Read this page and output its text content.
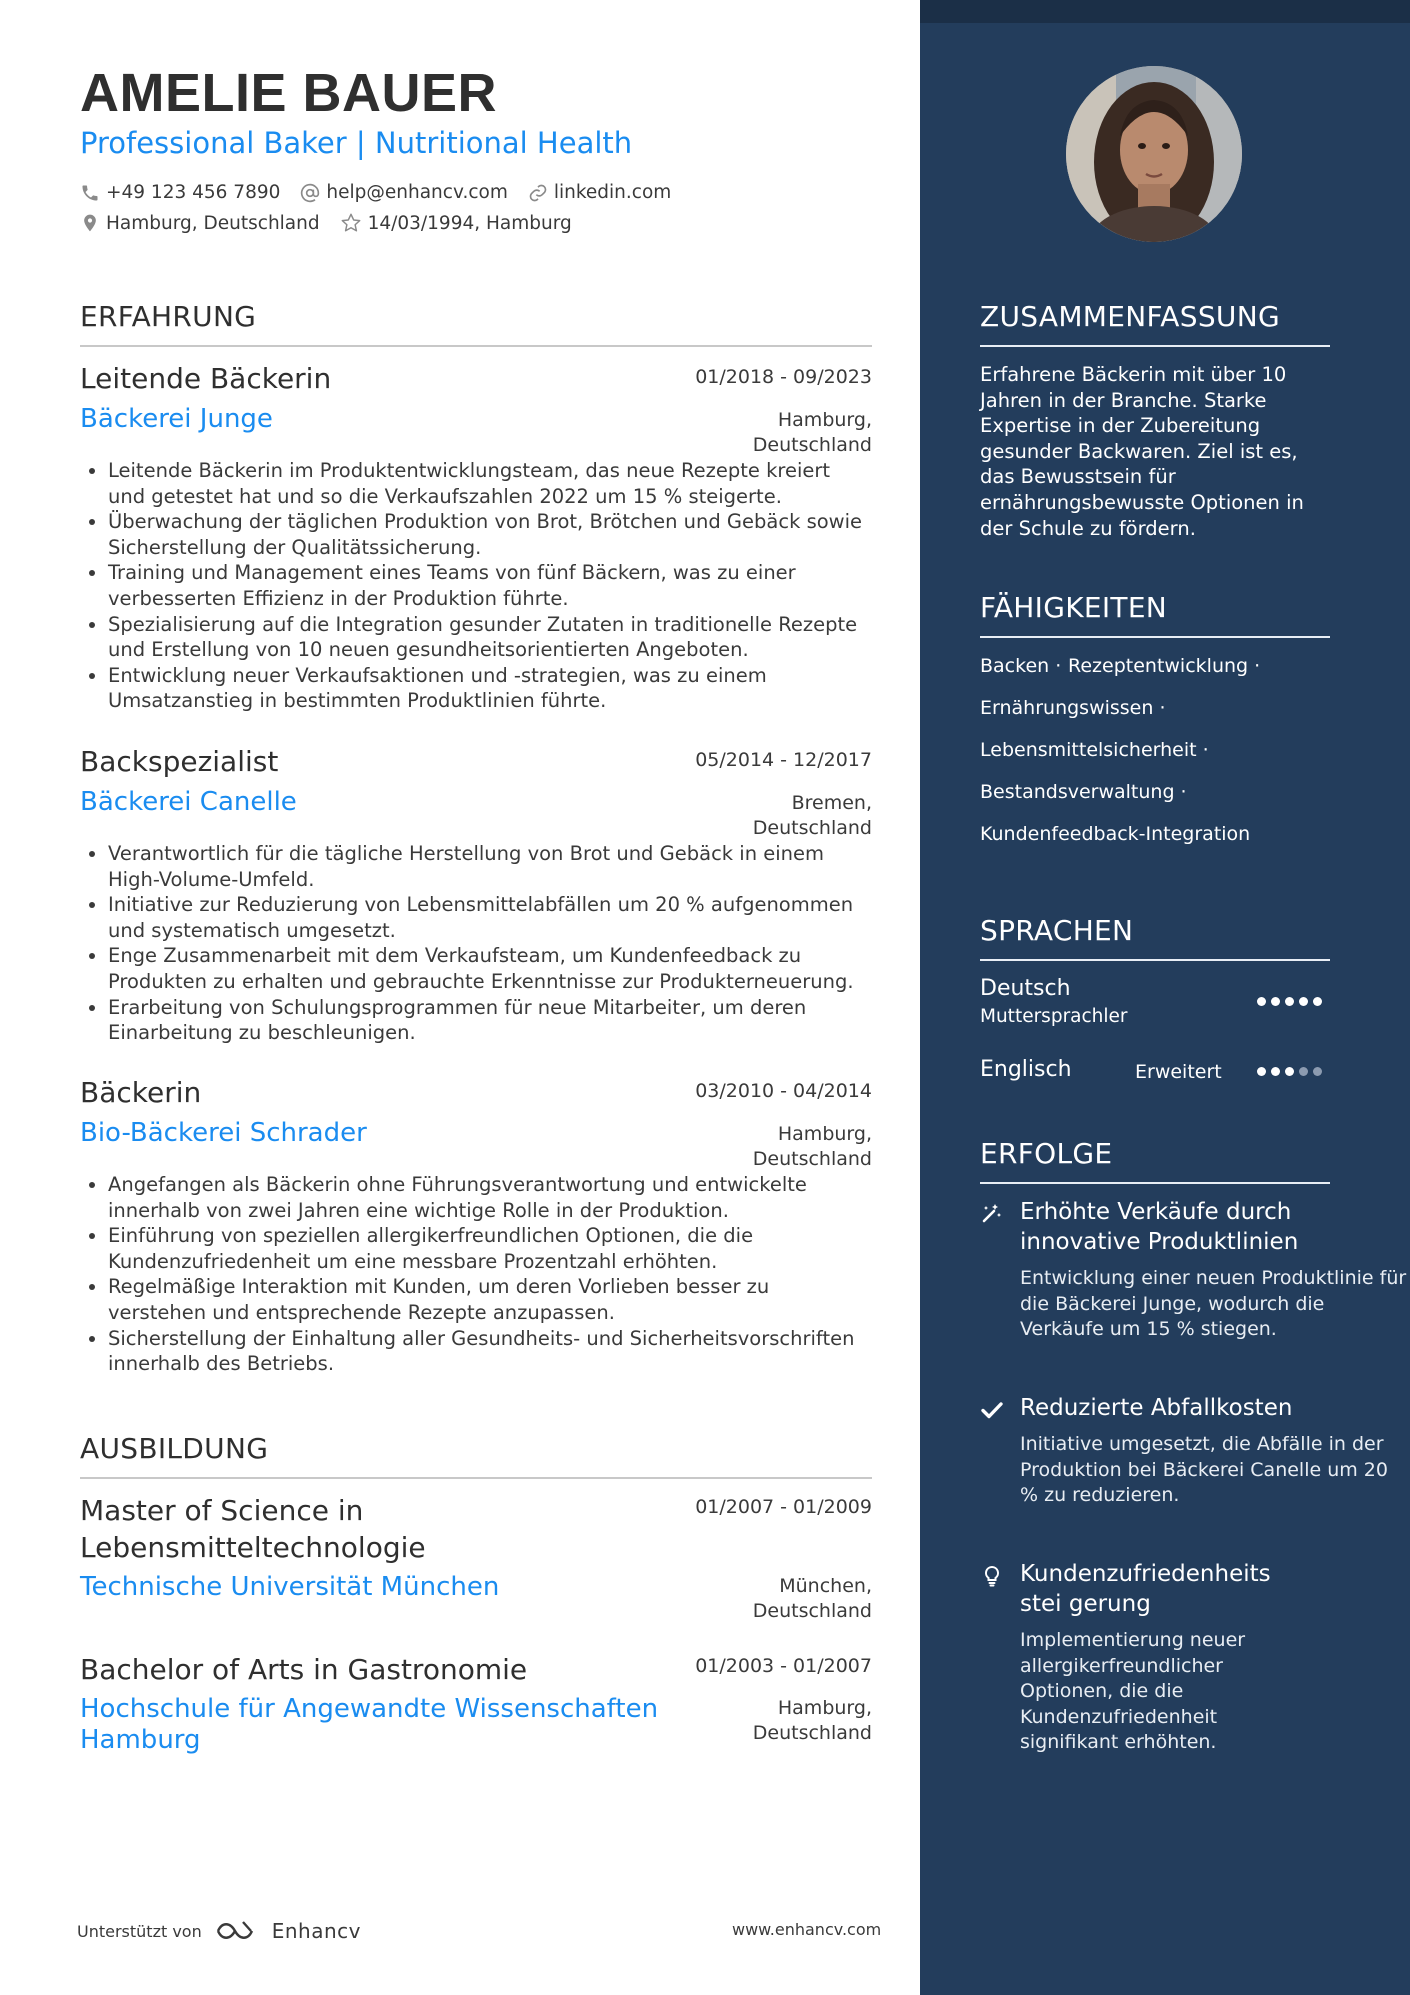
AMELIE BAUER
Professional Baker | Nutritional Health
+49 123 456 7890 help@enhancv.com linkedin.com
Hamburg, Deutschland	14/03/1994, Hamburg
ERFAHRUNG
Leitende Bäckerin	01/2018 - 09/2023
Bäckerei Junge	Hamburg,
Deutschland
• Leitende Bäckerin im Produktentwicklungsteam, das neue Rezepte kreiert und getestet hat und so die Verkaufszahlen 2022 um 15 % steigerte.
• Überwachung der täglichen Produktion von Brot, Brötchen und Gebäck sowie Sicherstellung der Qualitätssicherung.
• Training und Management eines Teams von fünf Bäckern, was zu einer verbesserten Effizienz in der Produktion führte.
• Spezialisierung auf die Integration gesunder Zutaten in traditionelle Rezepte und Erstellung von 10 neuen gesundheitsorientierten Angeboten.
• Entwicklung neuer Verkaufsaktionen und -strategien, was zu einem Umsatzanstieg in bestimmten Produktlinien führte.
Backspezialist	05/2014 - 12/2017
Bäckerei Canelle	Bremen,
Deutschland
• Verantwortlich für die tägliche Herstellung von Brot und Gebäck in einem High-Volume-Umfeld.
• Initiative zur Reduzierung von Lebensmittelabfällen um 20 % aufgenommen und systematisch umgesetzt.
• Enge Zusammenarbeit mit dem Verkaufsteam, um Kundenfeedback zu Produkten zu erhalten und gebrauchte Erkenntnisse zur Produkterneuerung.
• Erarbeitung von Schulungsprogrammen für neue Mitarbeiter, um deren Einarbeitung zu beschleunigen.
Bäckerin	03/2010 - 04/2014
Bio-Bäckerei Schrader	Hamburg,
Deutschland
• Angefangen als Bäckerin ohne Führungsverantwortung und entwickelte innerhalb von zwei Jahren eine wichtige Rolle in der Produktion.
• Einführung von speziellen allergikerfreundlichen Optionen, die die Kundenzufriedenheit um eine messbare Prozentzahl erhöhten.
• Regelmäßige Interaktion mit Kunden, um deren Vorlieben besser zu verstehen und entsprechende Rezepte anzupassen.
• Sicherstellung der Einhaltung aller Gesundheits- und Sicherheitsvorschriften innerhalb des Betriebs.
AUSBILDUNG
Master of Science in Lebensmitteltechnologie
01/2007 - 01/2009
Technische Universität München	München,
Deutschland
Bachelor of Arts in Gastronomie	01/2003 - 01/2007
Hochschule für Angewandte Wissenschaften Hamburg
Hamburg,
Deutschland
Unterstützt von	Enhancv	www.enhancv.com
ZUSAMMENFASSUNG
Erfahrene Bäckerin mit über 10 Jahren in der Branche. Starke Expertise in der Zubereitung gesunder Backwaren. Ziel ist es, das Bewusstsein für ernährungsbewusste Optionen in der Schule zu fördern.
FÄHIGKEITEN
Backen · Rezeptentwicklung ·
Ernährungswissen ·
Lebensmittelsicherheit ·
Bestandsverwaltung ·
Kundenfeedback-Integration
SPRACHEN
Deutsch
Muttersprachler
Englisch	Erweitert
ERFOLGE
Erhöhte Verkäufe durch innovative Produktlinien
Entwicklung einer neuen Produktlinie für die Bäckerei Junge, wodurch die Verkäufe um 15 % stiegen.
Reduzierte Abfallkosten
Initiative umgesetzt, die Abfälle in der Produktion bei Bäckerei Canelle um 20 % zu reduzieren.
Kundenzufriedenheitsstei gerung
Implementierung neuer allergikerfreundlicher Optionen, die die Kundenzufriedenheit signifikant erhöhten.
